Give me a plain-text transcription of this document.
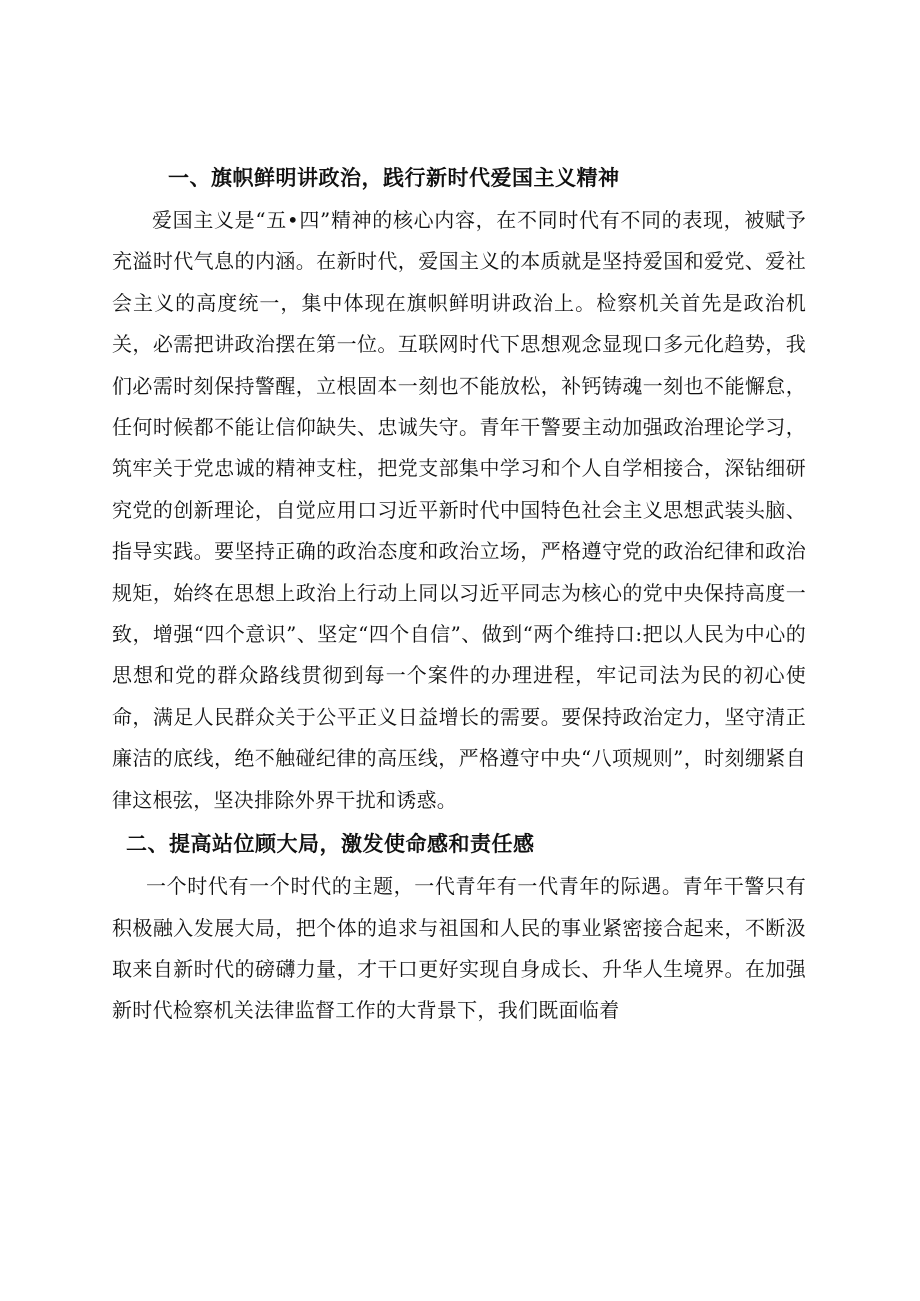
一、旗帜鲜明讲政治，践行新时代爱国主义精神

爱国主义是“五•四”精神的核心内容，在不同时代有不同的表现，被赋予充溢时代气息的内涵。在新时代，爱国主义的本质就是坚持爱国和爱党、爱社会主义的高度统一，集中体现在旗帜鲜明讲政治上。检察机关首先是政治机关，必需把讲政治摆在第一位。互联网时代下思想观念显现口多元化趋势，我们必需时刻保持警醒，立根固本一刻也不能放松，补钙铸魂一刻也不能懈怠，任何时候都不能让信仰缺失、忠诚失守。青年干警要主动加强政治理论学习，筑牢关于党忠诚的精神支柱，把党支部集中学习和个人自学相接合，深钻细研究党的创新理论，自觉应用口习近平新时代中国特色社会主义思想武装头脑、指导实践。要坚持正确的政治态度和政治立场，严格遵守党的政治纪律和政治规矩，始终在思想上政治上行动上同以习近平同志为核心的党中央保持高度一致，增强“四个意识”、坚定“四个自信”、做到“两个维持口:把以人民为中心的思想和党的群众路线贯彻到每一个案件的办理进程，牢记司法为民的初心使命，满足人民群众关于公平正义日益增长的需要。要保持政治定力，坚守清正廉洁的底线，绝不触碰纪律的高压线，严格遵守中央“八项规则”，时刻绷紧自律这根弦，坚决排除外界干扰和诱惑。

二、提高站位顾大局，激发使命感和责任感

一个时代有一个时代的主题，一代青年有一代青年的际遇。青年干警只有积极融入发展大局，把个体的追求与祖国和人民的事业紧密接合起来，不断汲取来自新时代的磅礴力量，才干口更好实现自身成长、升华人生境界。在加强新时代检察机关法律监督工作的大背景下，我们既面临着
